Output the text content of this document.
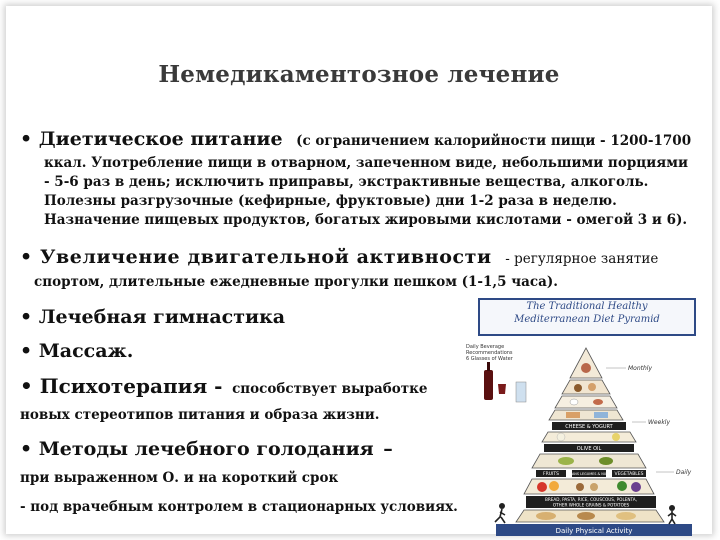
Немедикаментозное лечение
• Диетическое питание (с ограничением калорийности пищи - 1200-1700
ккал. Употребление пищи в отварном, запеченном виде, небольшими порциями
- 5-6 раз в день; исключить приправы, экстрактивные вещества, алкоголь.
Полезны разгрузочные (кефирные, фруктовые) дни 1-2 раза в неделю.
Назначение пищевых продуктов, богатых жировыми кислотами - омегой 3 и 6).
• Увеличение двигательной активности - регулярное занятие
спортом, длительные ежедневные прогулки пешком (1-1,5 часа).
• Лечебная гимнастика
• Массаж.
• Психотерапия - способствует выработке
новых стереотипов питания и образа жизни.
• Методы лечебного голодания –
при выраженном О. и на короткий срок
- под врачебным контролем в стационарных условиях.
The Traditional Healthy
Mediterranean Diet Pyramid
Daily Beverage
Recommendations
6 Glasses of Water
CHEESE & YOGURT
OLIVE OIL
FRUITS	BEANS LEGUMES & NUTS VEGETABLES
BREAD, PASTA, RICE, COUSCOUS, POLENTA,
OTHER WHOLE GRAINS & POTATOES
Monthly
Weekly
Daily
Daily Physical Activity
